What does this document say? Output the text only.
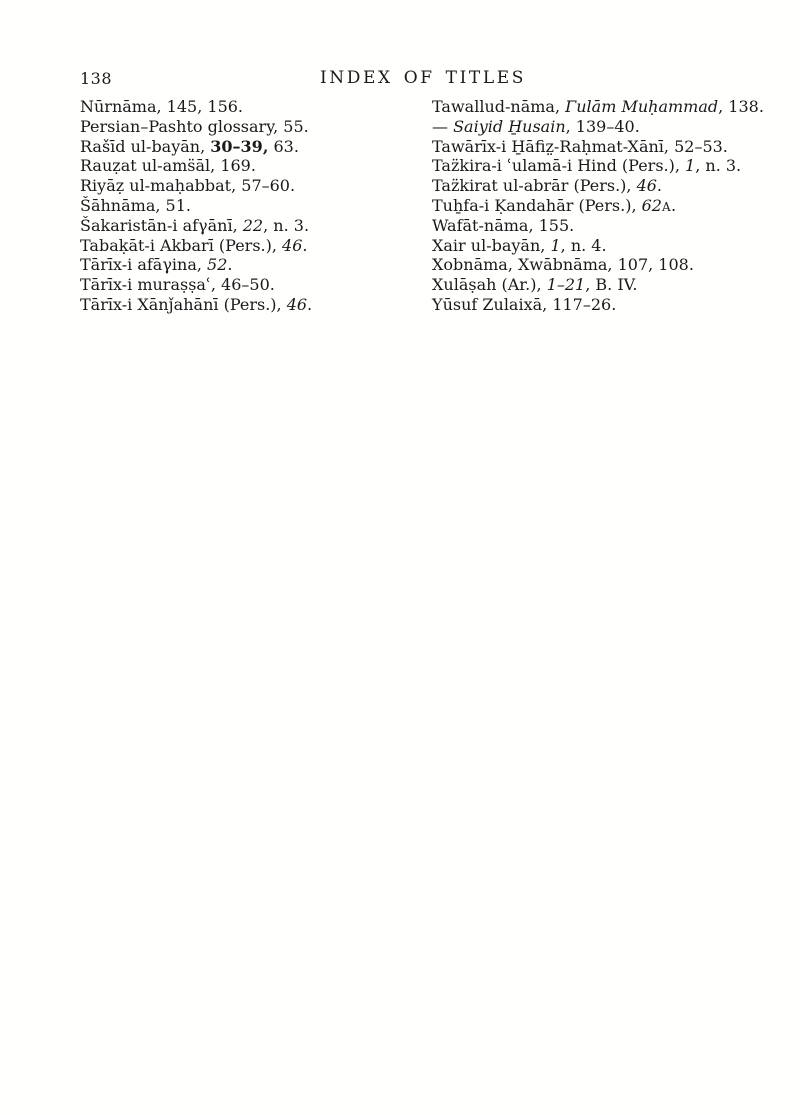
138	INDEX OF TITLES
Nūrnāma, 145, 156.
Persian–Pashto glossary, 55.
Rašīd ul-bayān, 30–39, 63.
Rauẓat ul-ams̈āl, 169.
Riyāẓ ul-maḥabbat, 57–60.
Šāhnāma, 51.
Šakaristān-i afγānī, 22, n. 3.
Tabaḳāt-i Akbarī (Pers.), 46.
Tārīx-i afāγina, 52.
Tārīx-i muraṣṣaʿ, 46–50.
Tārīx-i Xānǰahānī (Pers.), 46.
Tawallud-nāma, Γulām Muḥammad, 138.
— Saiyid H̱usain, 139–40.
Tawārīx-i H̱āfiz̤-Raḥmat-Xānī, 52–53.
Taz̈kira-i ʿulamā-i Hind (Pers.), 1, n. 3.
Taz̈kirat ul-abrār (Pers.), 46.
Tuẖfa-i Ḳandahār (Pers.), 62A.
Wafāt-nāma, 155.
Xair ul-bayān, 1, n. 4.
Xobnāma, Xwābnāma, 107, 108.
Xulāṣah (Ar.), 1–21, B. IV.
Yūsuf Zulaixā, 117–26.
